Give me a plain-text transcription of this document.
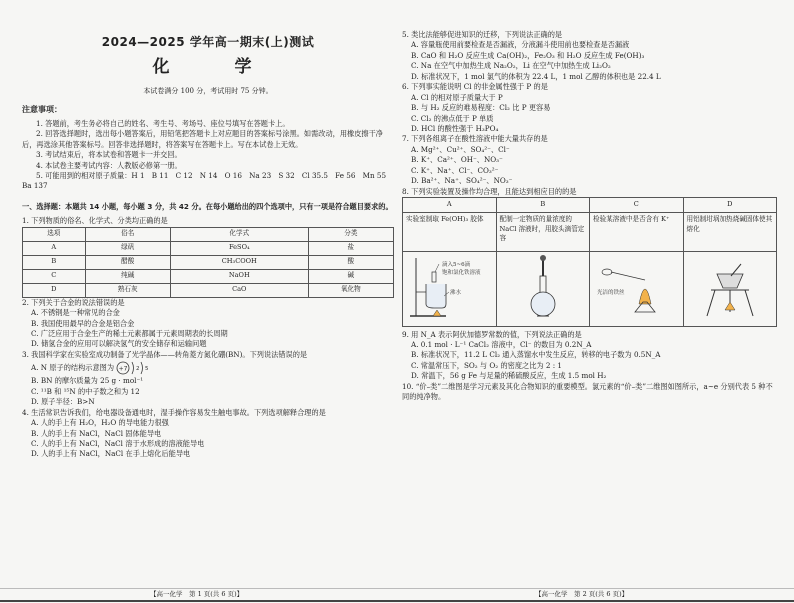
2024—2025 学年高一期末(上)测试
化　学
本试卷满分 100 分，考试用时 75 分钟。
注意事项：

1. 答题前，考生务必将自己的姓名、考生号、考场号、座位号填写在答题卡上。

2. 回答选择题时，选出每小题答案后，用铅笔把答题卡上对应题目的答案标号涂黑。如需改动，用橡皮擦干净后，再选涂其他答案标号。回答非选择题时，将答案写在答题卡上。写在本试卷上无效。

3. 考试结束后，将本试卷和答题卡一并交回。

4. 本试卷主要考试内容：人教版必修第一册。

5. 可能用到的相对原子质量：H 1　B 11　C 12　N 14　O 16　Na 23　S 32　Cl 35.5　Fe 56　Mn 55　Ba 137

一、选择题：本题共 14 小题，每小题 3 分，共 42 分。在每小题给出的四个选项中，只有一项是符合题目要求的。
1. 下列物质的俗名、化学式、分类均正确的是
选项	俗名	化学式	分类
A	绿矾	FeSO₄	盐
B	醋酸	CH₃COOH	酸
C	纯碱	NaOH	碱
D	熟石灰	CaO	氧化物
2. 下列关于合金的说法错误的是
A. 不锈钢是一种常见的合金
B. 我国使用最早的合金是铝合金
C. 广泛应用于合金生产的稀土元素都属于元素周期表的长周期
D. 储氢合金的应用可以解决氢气的安全储存和运输问题
3. 我国科学家在实验室成功制备了光学晶体——转角菱方氮化硼(BN)。下列说法错误的是
A. N 原子的结构示意图为 +7 2 5
B. BN 的摩尔质量为 25 g · mol⁻¹
C. ¹¹B 和 ¹⁵N 的中子数之和为 12
D. 原子半径：B>N
4. 生活常识告诉我们，给电器设备通电时，湿手操作容易发生触电事故。下列选项解释合理的是
A. 人的手上有 H₂O，H₂O 的导电能力很强
B. 人的手上有 NaCl，NaCl 固体能导电
C. 人的手上有 NaCl，NaCl 溶于水形成的溶液能导电
D. 人的手上有 NaCl，NaCl 在手上熔化后能导电
5. 类比法能够促进知识的迁移，下列说法正确的是
A. 容量瓶使用前要检查是否漏液，分液漏斗使用前也要检查是否漏液
B. CaO 和 H₂O 反应生成 Ca(OH)₂，Fe₂O₃ 和 H₂O 反应生成 Fe(OH)₃
C. Na 在空气中加热生成 Na₂O₂，Li 在空气中加热生成 Li₂O₂
D. 标准状况下，1 mol 氯气的体积为 22.4 L，1 mol 乙醇的体积也是 22.4 L
6. 下列事实能说明 Cl 的非金属性强于 P 的是
A. Cl 的相对原子质量大于 P
B. 与 H₂ 反应的难易程度：Cl₂ 比 P 更容易
C. Cl₂ 的沸点低于 P 单质
D. HCl 的酸性强于 H₃PO₄
7. 下列各组离子在酸性溶液中能大量共存的是
A. Mg²⁺、Cu²⁺、SO₄²⁻、Cl⁻
B. K⁺、Ca²⁺、OH⁻、NO₃⁻
C. K⁺、Na⁺、Cl⁻、CO₃²⁻
D. Ba²⁺、Na⁺、SO₄²⁻、NO₃⁻
8. 下列实验装置及操作均合理，且能达到相应目的的是
A	B	C	D
实验室制取 Fe(OH)₃ 胶体	配制一定物质的量浓度的 NaCl 溶液时，用胶头滴管定容	检验某溶液中是否含有 K⁺	用铝制坩埚加热烧碱固体使其熔化

滴入5~6滴
饱和氯化铁溶液
沸水		光洁的铁丝

9. 用 N_A 表示阿伏加德罗常数的值，下列说法正确的是
A. 0.1 mol · L⁻¹ CaCl₂ 溶液中，Cl⁻ 的数目为 0.2N_A
B. 标准状况下，11.2 L Cl₂ 通入蒸馏水中发生反应，转移的电子数为 0.5N_A
C. 常温常压下，SO₂ 与 O₂ 的密度之比为 2 : 1
D. 常温下，56 g Fe 与足量的稀硫酸反应，生成 1.5 mol H₂
10. “价–类”二维图是学习元素及其化合物知识的重要模型。氯元素的“价–类”二维图如图所示，a~e 分别代表 5 种不同的纯净物。
【高一化学　第 1 页(共 6 页)】	【高一化学　第 2 页(共 6 页)】
